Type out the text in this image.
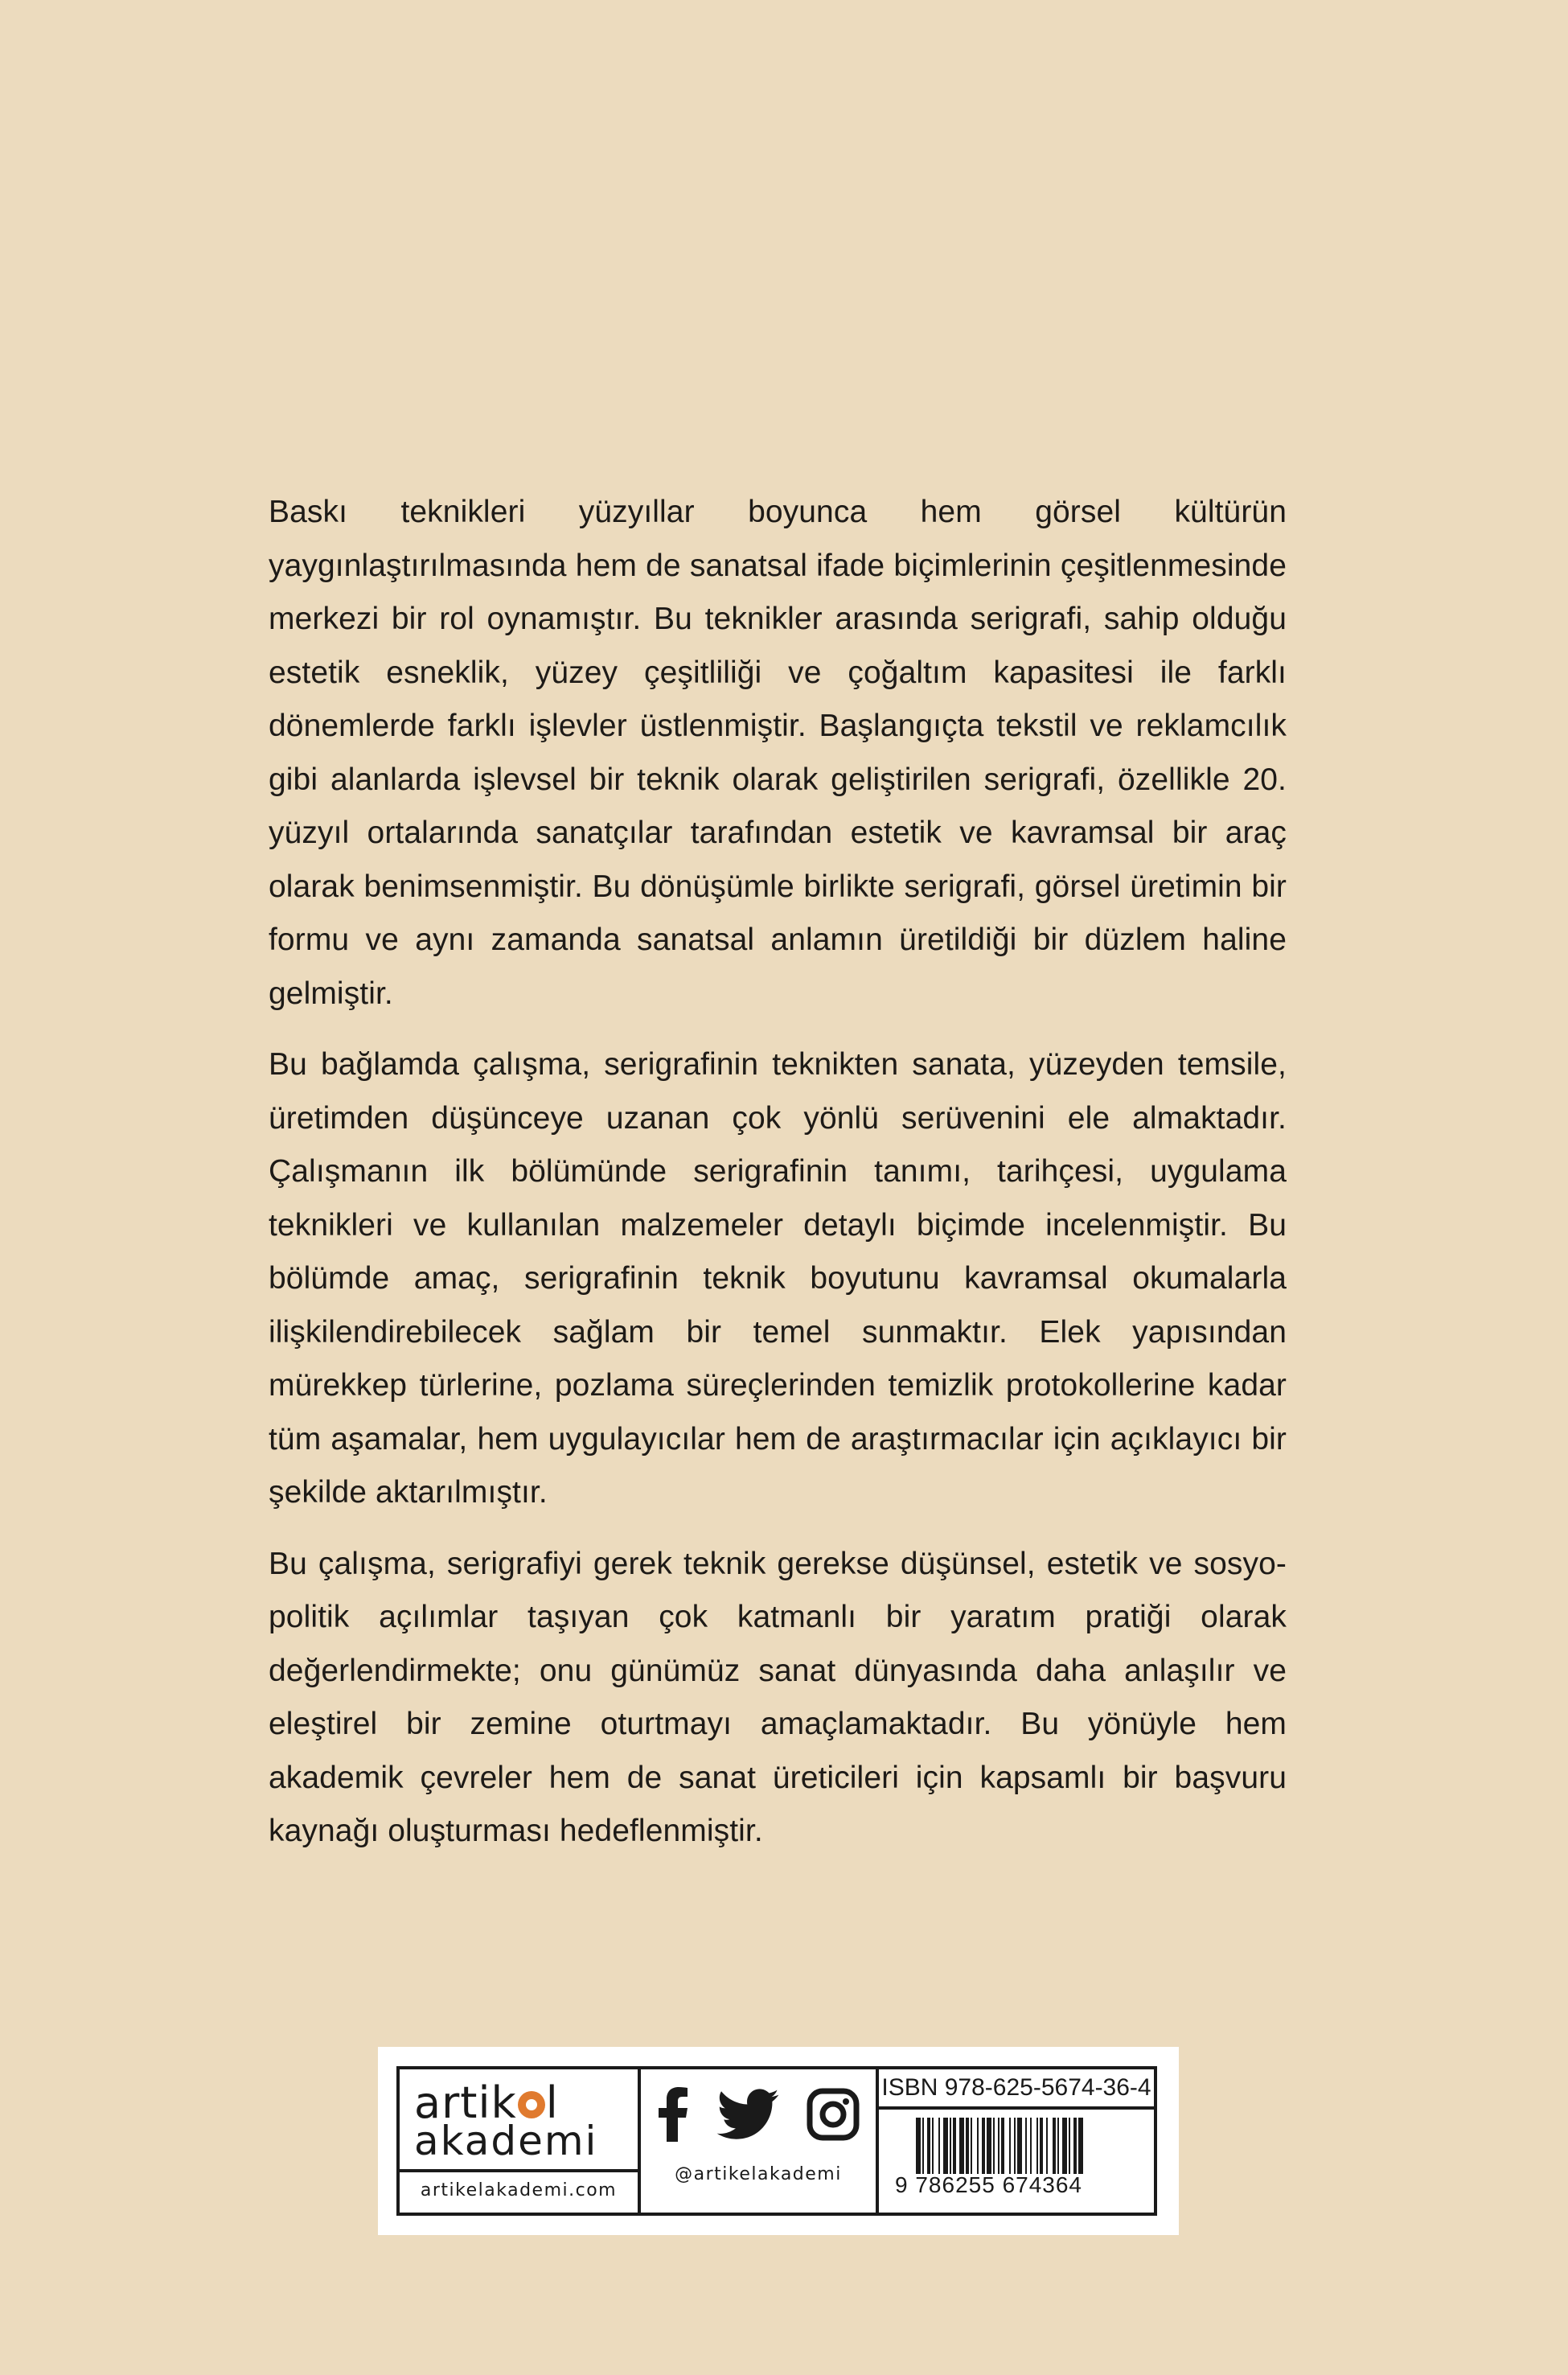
Baskı teknikleri yüzyıllar boyunca hem görsel kültürün yaygınlaştırılmasında hem de sanatsal ifade biçimlerinin çeşitlenmesinde merkezi bir rol oynamıştır. Bu teknikler arasında serigrafi, sahip olduğu estetik esneklik, yüzey çeşitliliği ve çoğaltım kapasitesi ile farklı dönemlerde farklı işlevler üstlenmiştir. Başlangıçta tekstil ve reklamcılık gibi alanlarda işlevsel bir teknik olarak geliştirilen serigrafi, özellikle 20. yüzyıl ortalarında sanatçılar tarafından estetik ve kavramsal bir araç olarak benimsenmiştir. Bu dönüşümle birlikte serigrafi, görsel üretimin bir formu ve aynı zamanda sanatsal anlamın üretildiği bir düzlem haline gelmiştir.

Bu bağlamda çalışma, serigrafinin teknikten sanata, yüzeyden temsile, üretimden düşünceye uzanan çok yönlü serüvenini ele almaktadır. Çalışmanın ilk bölümünde serigrafinin tanımı, tarihçesi, uygulama teknikleri ve kullanılan malzemeler detaylı biçimde incelenmiştir. Bu bölümde amaç, serigrafinin teknik boyutunu kavramsal okumalarla ilişkilendirebilecek sağlam bir temel sunmaktır. Elek yapısından mürekkep türlerine, pozlama süreçlerinden temizlik protokollerine kadar tüm aşamalar, hem uygulayıcılar hem de araştırmacılar için açıklayıcı bir şekilde aktarılmıştır.

Bu çalışma, serigrafiyi gerek teknik gerekse düşünsel, estetik ve sosyo-politik açılımlar taşıyan çok katmanlı bir yaratım pratiği olarak değerlendirmekte; onu günümüz sanat dünyasında daha anlaşılır ve eleştirel bir zemine oturtmayı amaçlamaktadır. Bu yönüyle hem akademik çevreler hem de sanat üreticileri için kapsamlı bir başvuru kaynağı oluşturması hedeflenmiştir.

artik l
akademi
artikelakademi.com
@artikelakademi
ISBN 978-625-5674-36-4
9 786255 674364
